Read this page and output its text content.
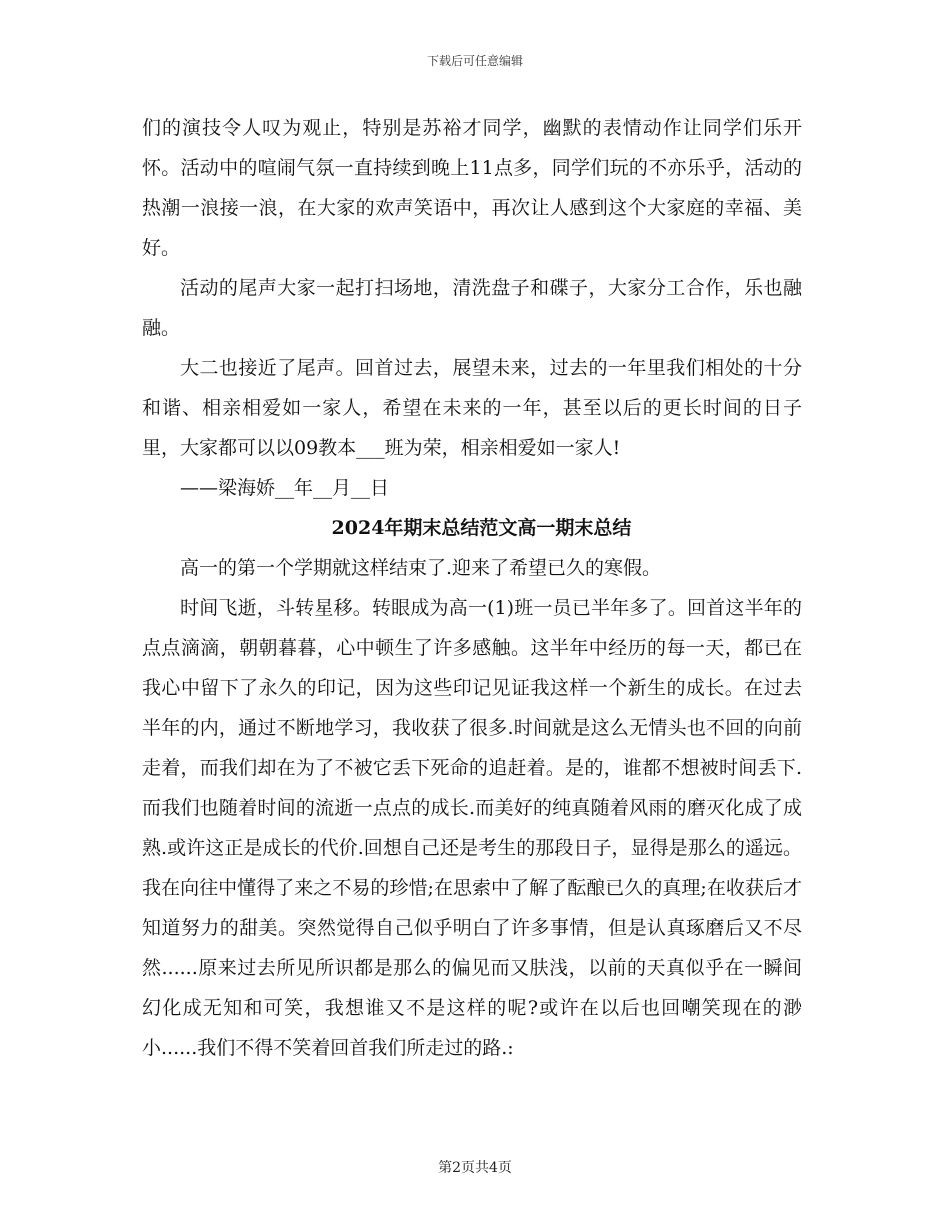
下载后可任意编辑

们的演技令人叹为观止，特别是苏裕才同学，幽默的表情动作让同学们乐开怀。活动中的喧闹气氛一直持续到晚上11点多，同学们玩的不亦乐乎，活动的热潮一浪接一浪，在大家的欢声笑语中，再次让人感到这个大家庭的幸福、美好。

活动的尾声大家一起打扫场地，清洗盘子和碟子，大家分工合作，乐也融融。

大二也接近了尾声。回首过去，展望未来，过去的一年里我们相处的十分和谐、相亲相爱如一家人，希望在未来的一年，甚至以后的更长时间的日子里，大家都可以以09教本___班为荣，相亲相爱如一家人!

——梁海娇__年__月__日

2024年期末总结范文高一期末总结

高一的第一个学期就这样结束了.迎来了希望已久的寒假。

时间飞逝，斗转星移。转眼成为高一(1)班一员已半年多了。回首这半年的点点滴滴，朝朝暮暮，心中顿生了许多感触。这半年中经历的每一天，都已在我心中留下了永久的印记，因为这些印记见证我这样一个新生的成长。在过去半年的内，通过不断地学习，我收获了很多.时间就是这么无情头也不回的向前走着，而我们却在为了不被它丢下死命的追赶着。是的，谁都不想被时间丢下.而我们也随着时间的流逝一点点的成长.而美好的纯真随着风雨的磨灭化成了成熟.或许这正是成长的代价.回想自己还是考生的那段日子，显得是那么的遥远。我在向往中懂得了来之不易的珍惜;在思索中了解了酝酿已久的真理;在收获后才知道努力的甜美。突然觉得自己似乎明白了许多事情，但是认真琢磨后又不尽然......原来过去所见所识都是那么的偏见而又肤浅，以前的天真似乎在一瞬间幻化成无知和可笑，我想谁又不是这样的呢?或许在以后也回嘲笑现在的渺小......我们不得不笑着回首我们所走过的路.:

第2页共4页
